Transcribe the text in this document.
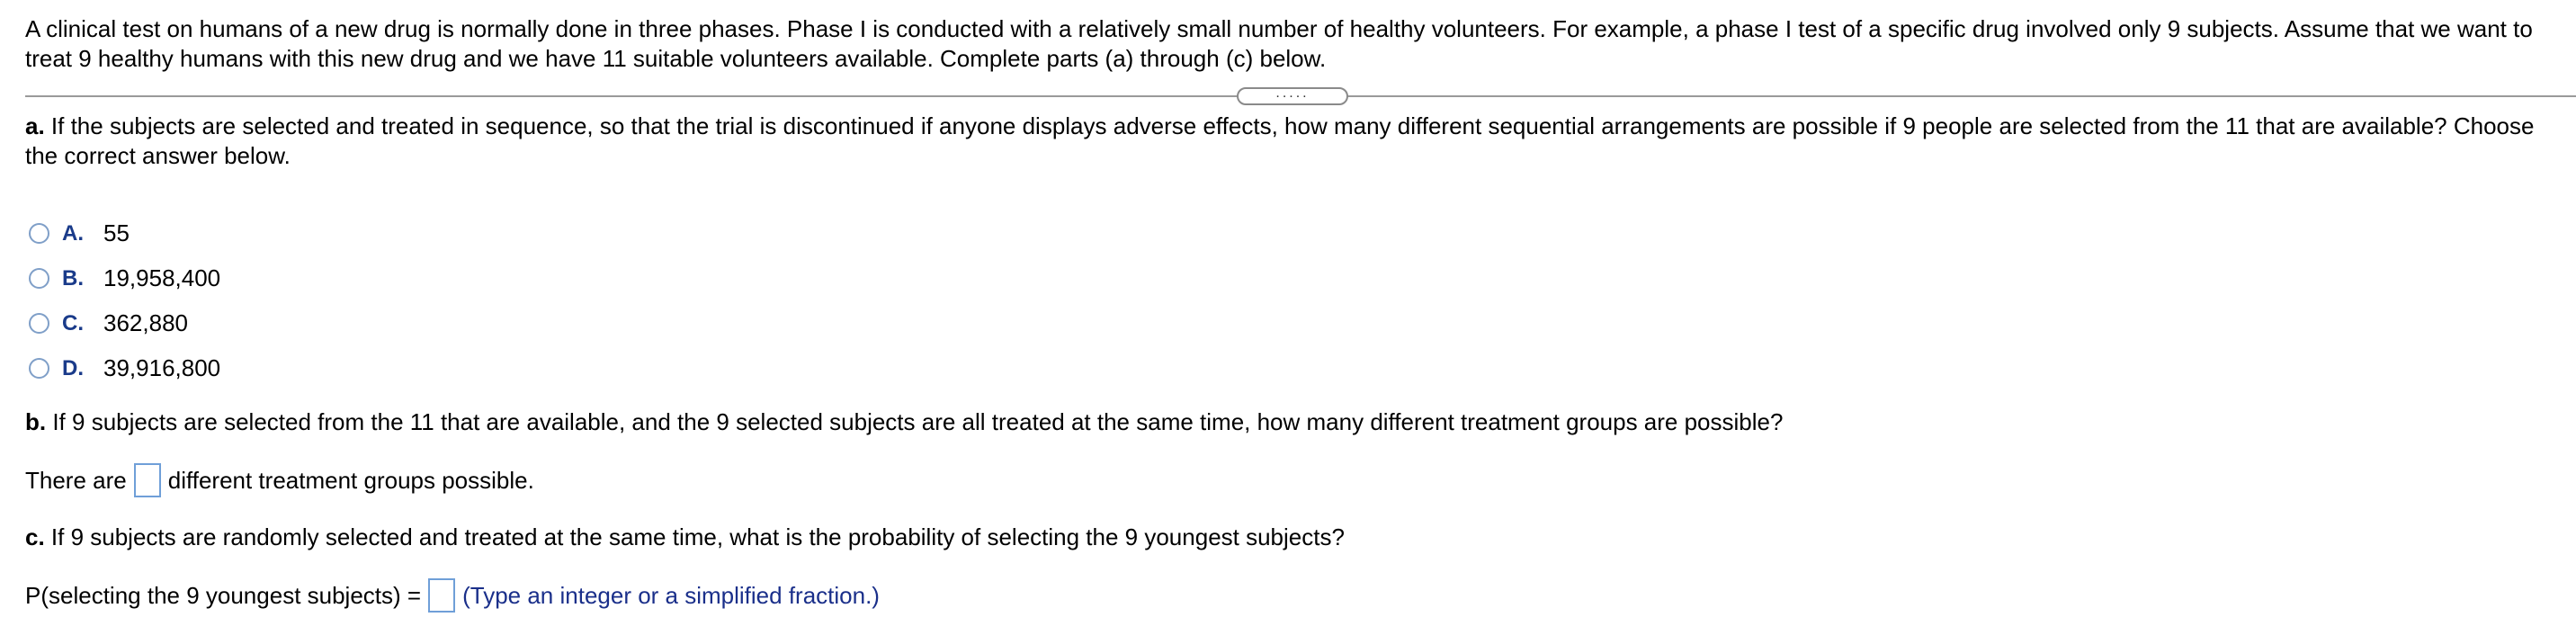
A clinical test on humans of a new drug is normally done in three phases. Phase I is conducted with a relatively small number of healthy volunteers. For example, a phase I test of a specific drug involved only 9 subjects. Assume that we want to treat 9 healthy humans with this new drug and we have 11 suitable volunteers available. Complete parts (a) through (c) below.

.....

a. If the subjects are selected and treated in sequence, so that the trial is discontinued if anyone displays adverse effects, how many different sequential arrangements are possible if 9 people are selected from the 11 that are available? Choose the correct answer below.

A. 55
B. 19,958,400
C. 362,880
D. 39,916,800

b. If 9 subjects are selected from the 11 that are available, and the 9 selected subjects are all treated at the same time, how many different treatment groups are possible?

There are different treatment groups possible.

c. If 9 subjects are randomly selected and treated at the same time, what is the probability of selecting the 9 youngest subjects?

P(selecting the 9 youngest subjects) = (Type an integer or a simplified fraction.)
